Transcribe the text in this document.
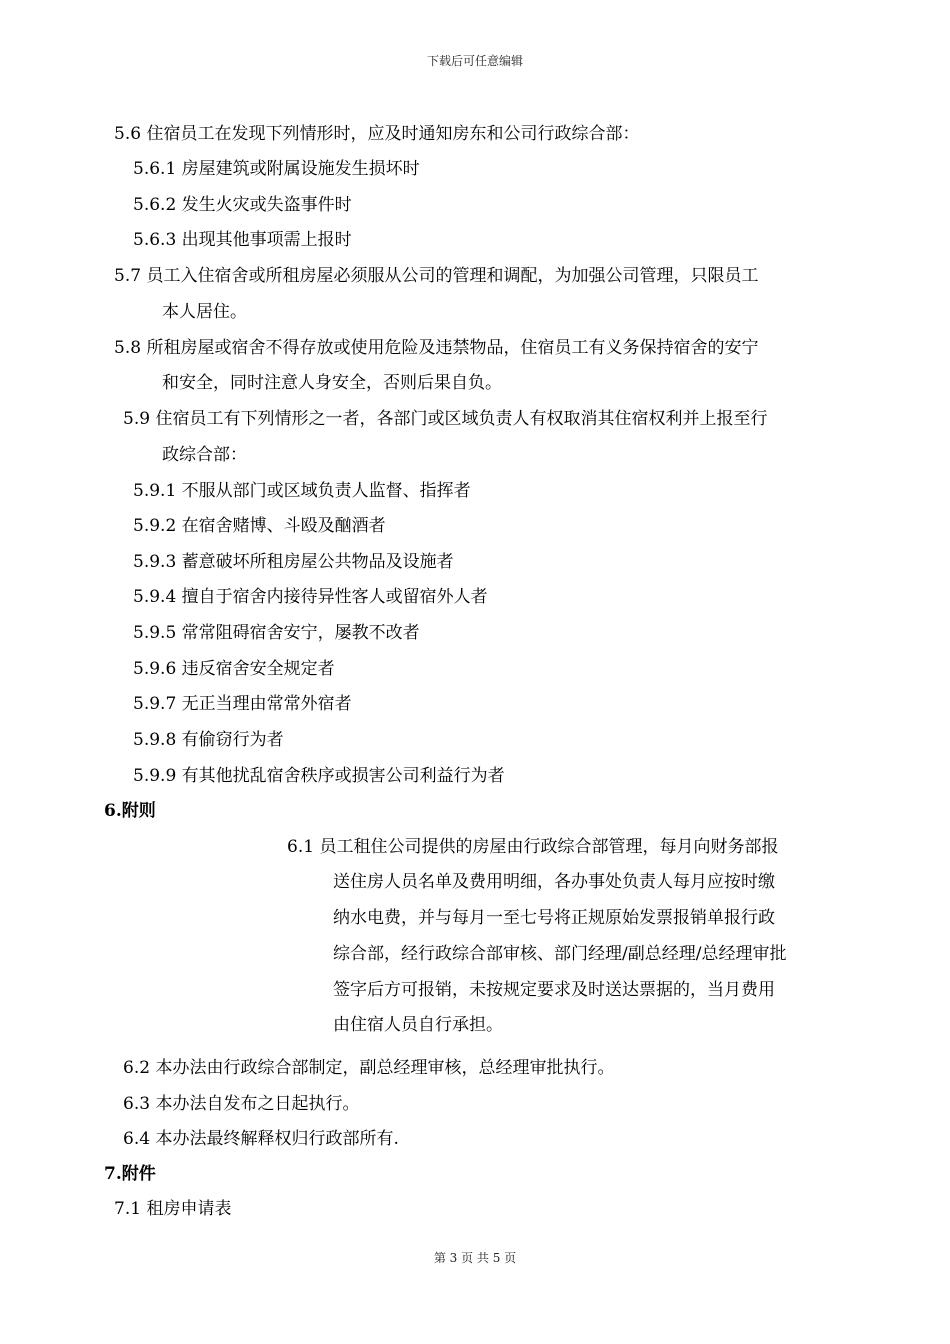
下载后可任意编辑
5.6 住宿员工在发现下列情形时，应及时通知房东和公司行政综合部：
5.6.1 房屋建筑或附属设施发生损坏时
5.6.2 发生火灾或失盗事件时
5.6.3 出现其他事项需上报时
5.7 员工入住宿舍或所租房屋必须服从公司的管理和调配，为加强公司管理，只限员工
本人居住。
5.8 所租房屋或宿舍不得存放或使用危险及违禁物品，住宿员工有义务保持宿舍的安宁
和安全，同时注意人身安全，否则后果自负。
5.9 住宿员工有下列情形之一者，各部门或区域负责人有权取消其住宿权利并上报至行
政综合部：
5.9.1 不服从部门或区域负责人监督、指挥者
5.9.2 在宿舍赌博、斗殴及酗酒者
5.9.3 蓄意破坏所租房屋公共物品及设施者
5.9.4 擅自于宿舍内接待异性客人或留宿外人者
5.9.5 常常阻碍宿舍安宁，屡教不改者
5.9.6 违反宿舍安全规定者
5.9.7 无正当理由常常外宿者
5.9.8 有偷窃行为者
5.9.9 有其他扰乱宿舍秩序或损害公司利益行为者
6.附则
6.1 员工租住公司提供的房屋由行政综合部管理，每月向财务部报
送住房人员名单及费用明细，各办事处负责人每月应按时缴
纳水电费，并与每月一至七号将正规原始发票报销单报行政
综合部，经行政综合部审核、部门经理/副总经理/总经理审批
签字后方可报销，未按规定要求及时送达票据的，当月费用
由住宿人员自行承担。
6.2 本办法由行政综合部制定，副总经理审核，总经理审批执行。
6.3 本办法自发布之日起执行。
6.4 本办法最终解释权归行政部所有.
7.附件
7.1 租房申请表
第 3 页 共 5 页
